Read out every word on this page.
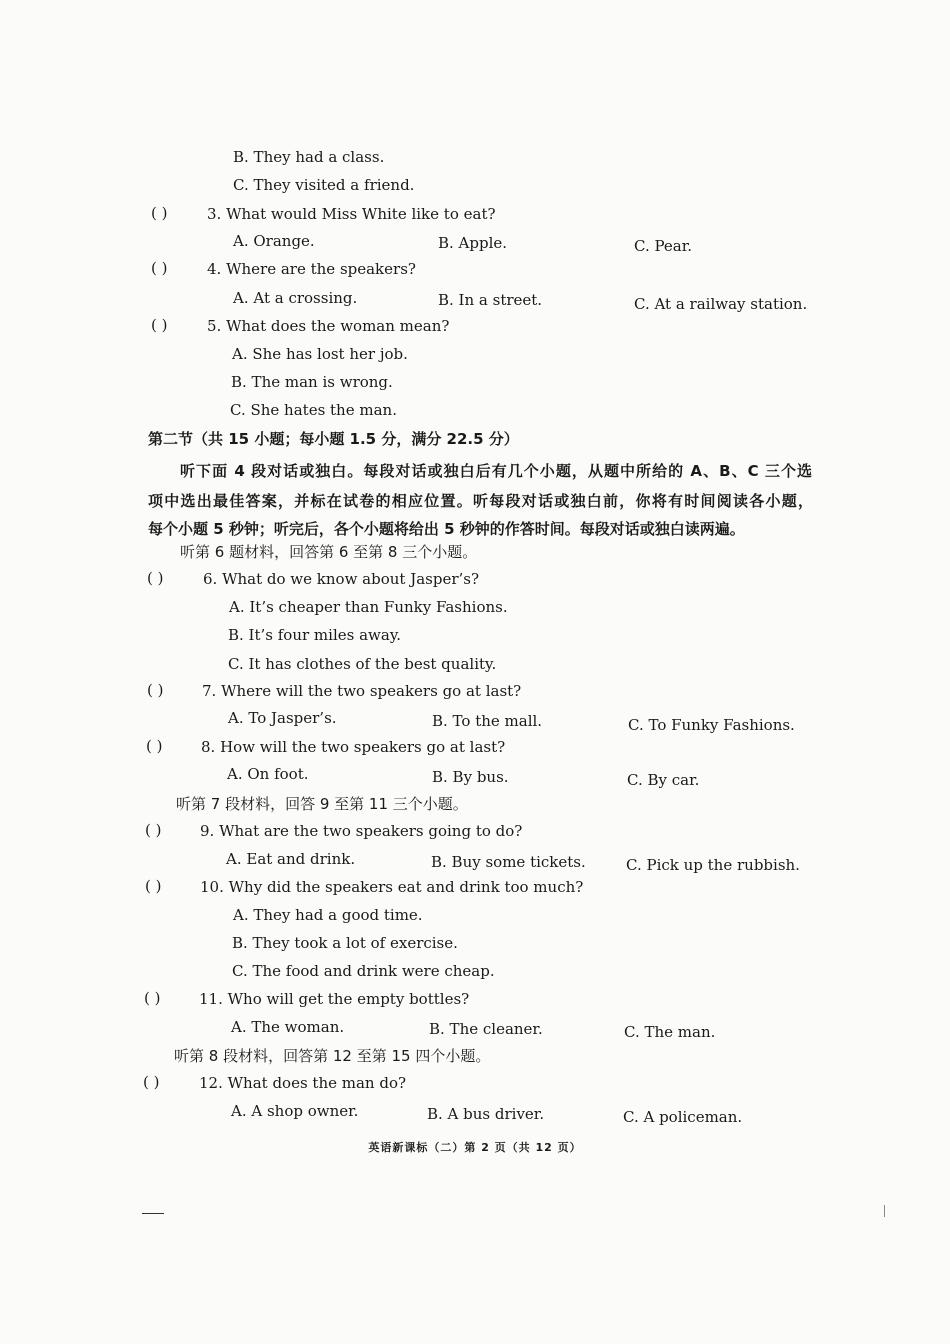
B. They had a class.
C. They visited a friend.
( )	3. What would Miss White like to eat?
A. Orange.	B. Apple.	C. Pear.
( )	4. Where are the speakers?
A. At a crossing.	B. In a street.	C. At a railway station.
( )	5. What does the woman mean?
A. She has lost her job.
B. The man is wrong.
C. She hates the man.
第二节（共 15 小题；每小题 1.5 分，满分 22.5 分）
听下面 4 段对话或独白。每段对话或独白后有几个小题，从题中所给的 A、B、C 三个选
项中选出最佳答案，并标在试卷的相应位置。听每段对话或独白前，你将有时间阅读各小题，
每个小题 5 秒钟；听完后，各个小题将给出 5 秒钟的作答时间。每段对话或独白读两遍。
听第 6 题材料，回答第 6 至第 8 三个小题。
( )	6. What do we know about Jasper’s?
A. It’s cheaper than Funky Fashions.
B. It’s four miles away.
C. It has clothes of the best quality.
( )	7. Where will the two speakers go at last?
A. To Jasper’s.	B. To the mall.	C. To Funky Fashions.
( )	8. How will the two speakers go at last?
A. On foot.	B. By bus.	C. By car.
听第 7 段材料，回答 9 至第 11 三个小题。
( )	9. What are the two speakers going to do?
A. Eat and drink.	B. Buy some tickets.	C. Pick up the rubbish.
( )	10. Why did the speakers eat and drink too much?
A. They had a good time.
B. They took a lot of exercise.
C. The food and drink were cheap.
( )	11. Who will get the empty bottles?
A. The woman.	B. The cleaner.	C. The man.
听第 8 段材料，回答第 12 至第 15 四个小题。
( )	12. What does the man do?
A. A shop owner.	B. A bus driver.	C. A policeman.
英语新课标（二）第 2 页（共 12 页）
